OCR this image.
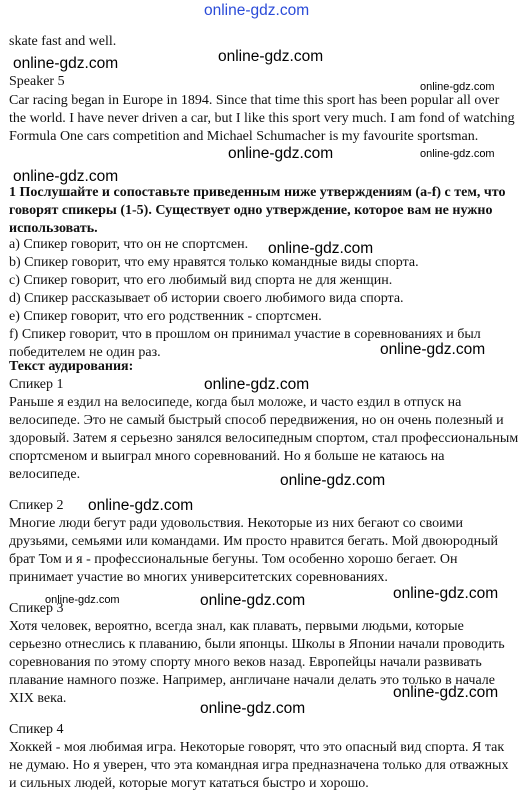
online-gdz.com

skate fast and well.

online-gdz.com	online-gdz.com
online-gdz.com

Speaker 5

Car racing began in Europe in 1894. Since that time this sport has been popular all over the world. I have never driven a car, but I like this sport very much. I am fond of watching Formula One cars competition and Michael Schumacher is my favourite sportsman.

online-gdz.com	online-gdz.com
online-gdz.com

1 Послушайте и сопоставьте приведенным ниже утверждениям (a-f) с тем, что говорят спикеры (1-5). Существует одно утверждение, которое вам не нужно использовать.

a) Спикер говорит, что он не спортсмен.	online-gdz.com

b) Спикер говорит, что ему нравятся только командные виды спорта.

c) Спикер говорит, что его любимый вид спорта не для женщин.

d) Спикер рассказывает об истории своего любимого вида спорта.

e) Спикер говорит, что его родственник - спортсмен.

f) Спикер говорит, что в прошлом он принимал участие в соревнованиях и был победителем не один раз.	online-gdz.com

Текст аудирования:

Спикер 1	online-gdz.com

Раньше я ездил на велосипеде, когда был моложе, и часто ездил в отпуск на велосипеде. Это не самый быстрый способ передвижения, но он очень полезный и здоровый. Затем я серьезно занялся велосипедным спортом, стал профессиональным спортсменом и выиграл много соревнований. Но я больше не катаюсь на велосипеде.	online-gdz.com

Спикер 2	online-gdz.com

Многие люди бегут ради удовольствия. Некоторые из них бегают со своими друзьями, семьями или командами. Им просто нравится бегать. Мой двоюродный брат Том и я - профессиональные бегуны. Том особенно хорошо бегает. Он принимает участие во многих университетских соревнованиях.

online-gdz.com	online-gdz.com	online-gdz.com

Спикер 3

Хотя человек, вероятно, всегда знал, как плавать, первыми людьми, которые серьезно отнеслись к плаванию, были японцы. Школы в Японии начали проводить соревнования по этому спорту много веков назад. Европейцы начали развивать плавание намного позже. Например, англичане начали делать это только в начале XIX века.	online-gdz.com
online-gdz.com

Спикер 4

Хоккей - моя любимая игра. Некоторые говорят, что это опасный вид спорта. Я так не думаю. Но я уверен, что эта командная игра предназначена только для отважных и сильных людей, которые могут кататься быстро и хорошо.
